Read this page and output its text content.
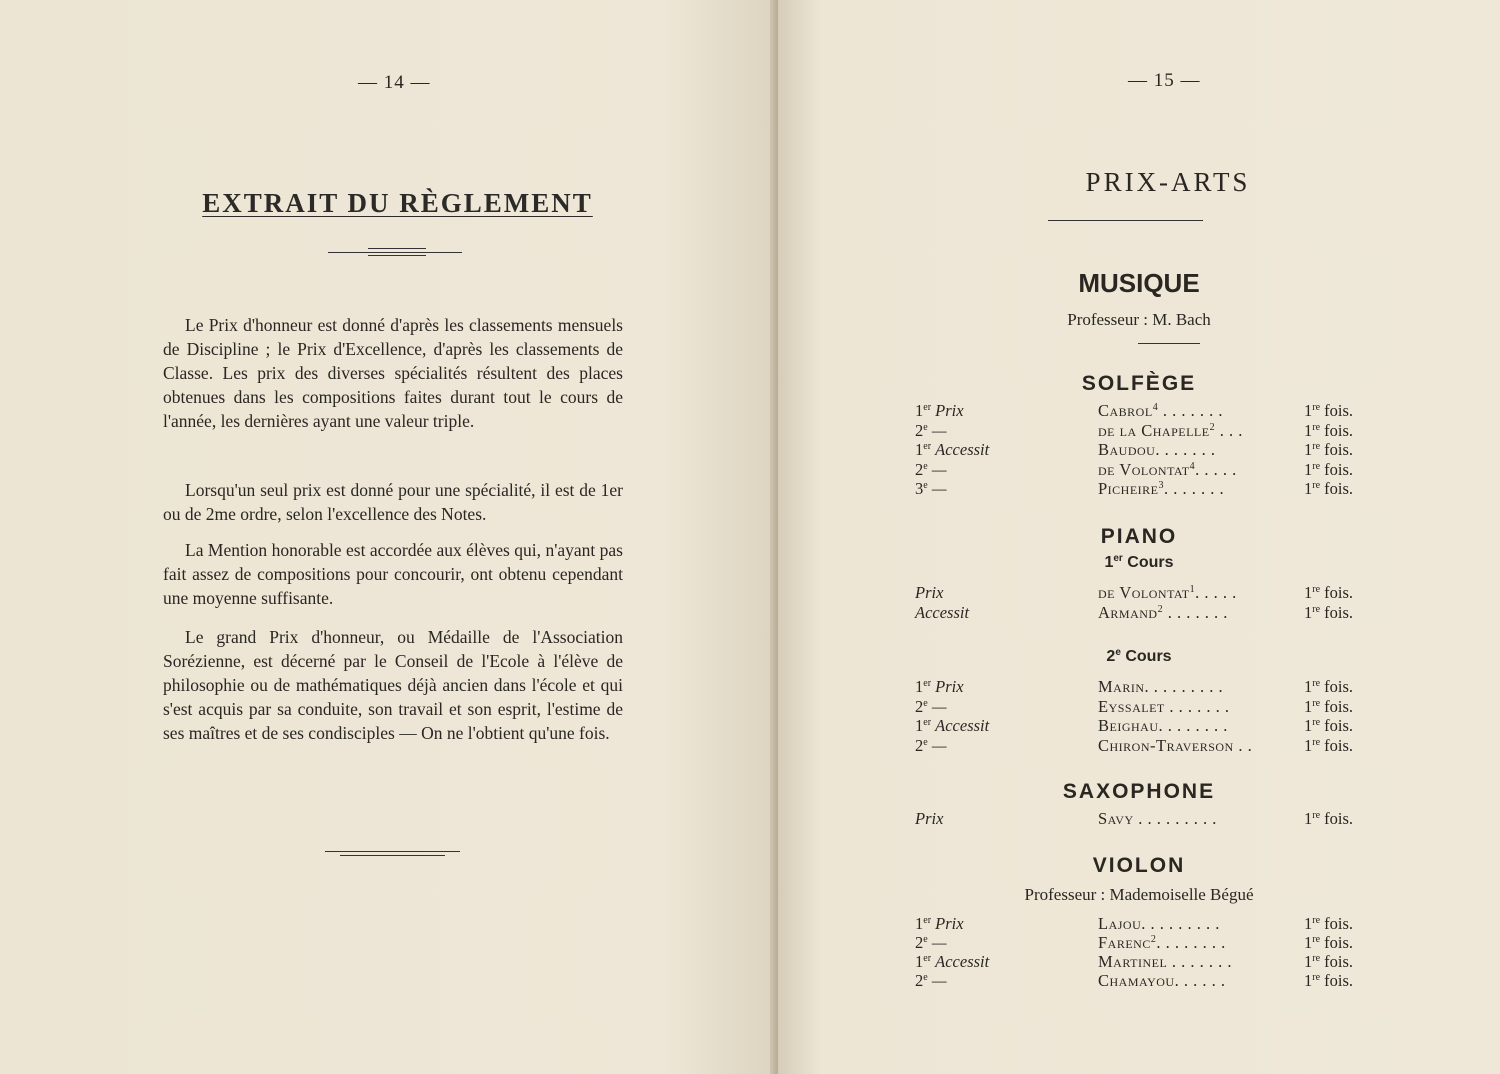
— 14 —
EXTRAIT DU RÈGLEMENT

Le Prix d'honneur est donné d'après les classements mensuels de Discipline ; le Prix d'Excellence, d'après les classements de Classe. Les prix des diverses spécialités résultent des places obtenues dans les compositions faites durant tout le cours de l'année, les dernières ayant une valeur triple.

Lorsqu'un seul prix est donné pour une spécialité, il est de 1er ou de 2me ordre, selon l'excellence des Notes.

La Mention honorable est accordée aux élèves qui, n'ayant pas fait assez de compositions pour concourir, ont obtenu cependant une moyenne suffisante.

Le grand Prix d'honneur, ou Médaille de l'Association Sorézienne, est décerné par le Conseil de l'Ecole à l'élève de philosophie ou de mathématiques déjà ancien dans l'école et qui s'est acquis par sa conduite, son travail et son esprit, l'estime de ses maîtres et de ses condisciples — On ne l'obtient qu'une fois.

— 15 —
PRIX-ARTS
MUSIQUE
Professeur : M. Bach
SOLFÈGE
1er Prix	Cabrol$^4$ . . . . . . .	1re fois.
2e —	de la Chapelle$^2$ . . .	1re fois.
1er Accessit	Baudou. . . . . . .	1re fois.
2e —	de Volontat$^4$. . . . .	1re fois.
3e —	Picheire$^3$. . . . . . .	1re fois.
PIANO
1er Cours
Prix	de Volontat$^1$. . . . .	1re fois.
Accessit	Armand$^2$ . . . . . . .	1re fois.
2e Cours
1er Prix	Marin. . . . . . . . .	1re fois.
2e —	Eyssalet . . . . . . .	1re fois.
1er Accessit	Beighau. . . . . . . .	1re fois.
2e —	Chiron-Traverson . .	1re fois.
SAXOPHONE
Prix	Savy . . . . . . . . .	1re fois.
VIOLON
Professeur : Mademoiselle Bégué
1er Prix	Lajou. . . . . . . . .	1re fois.
2e —	Farenc$^2$. . . . . . . .	1re fois.
1er Accessit	Martinel . . . . . . .	1re fois.
2e —	Chamayou. . . . . .	1re fois.
